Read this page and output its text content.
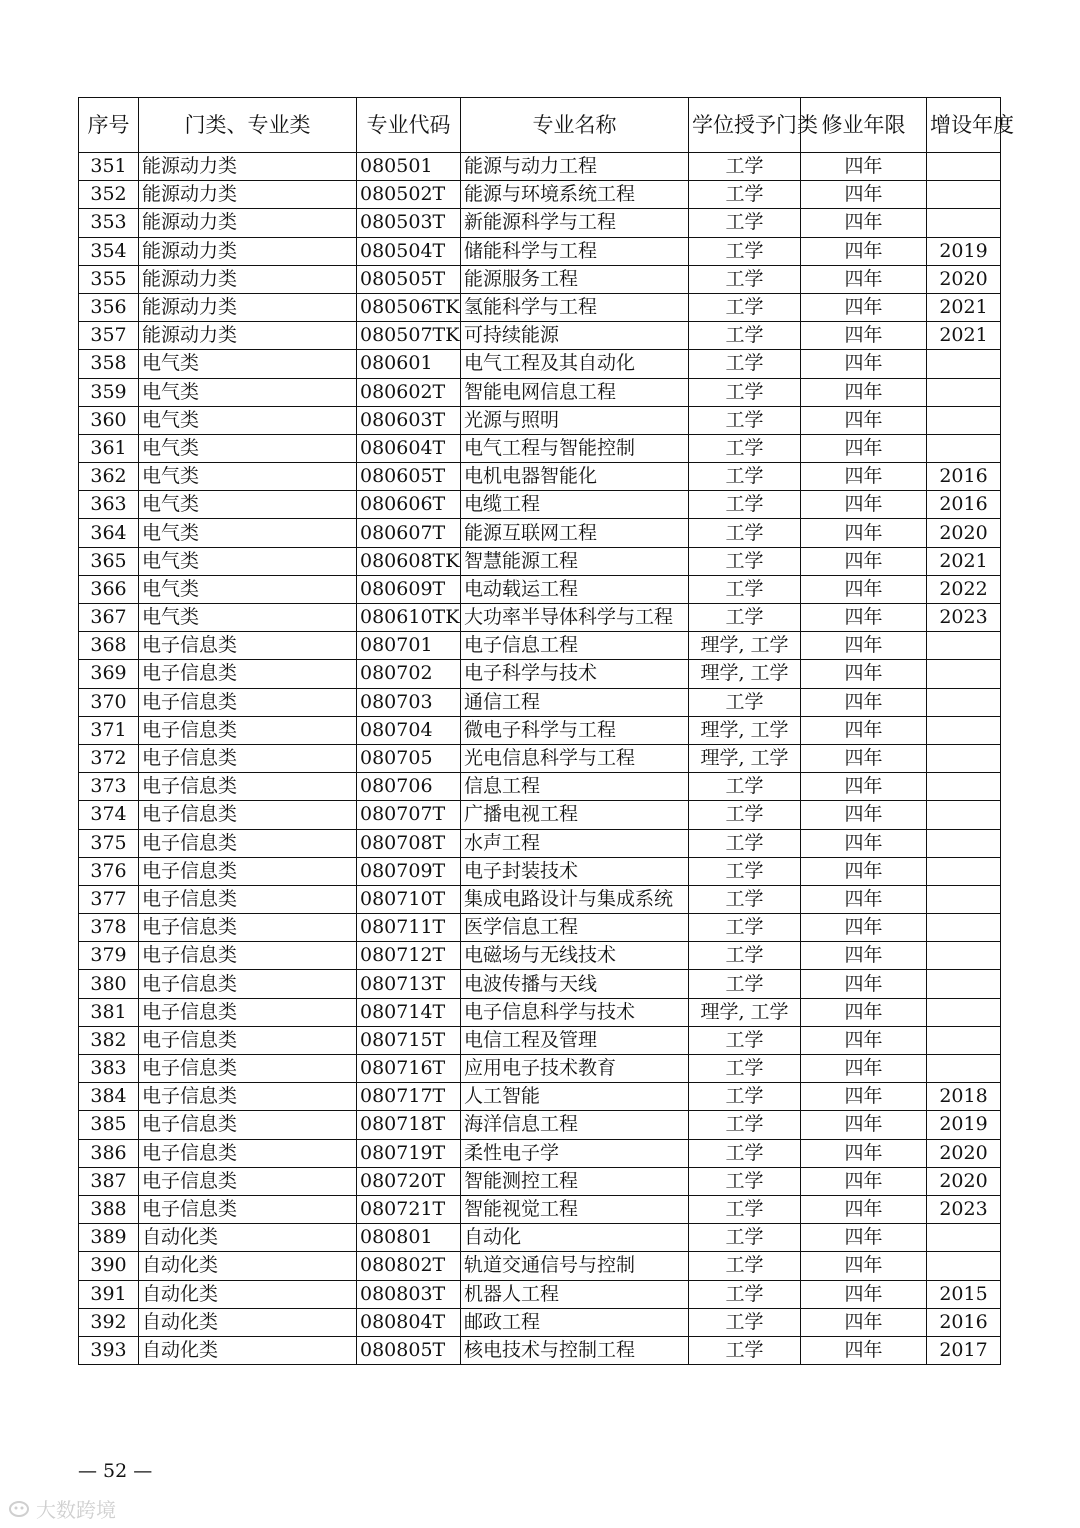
序号	门类、专业类	专业代码	专业名称	学位授予门类	修业年限	增设年度
351	能源动力类	080501	能源与动力工程	工学	四年	
352	能源动力类	080502T	能源与环境系统工程	工学	四年	
353	能源动力类	080503T	新能源科学与工程	工学	四年	
354	能源动力类	080504T	储能科学与工程	工学	四年	2019
355	能源动力类	080505T	能源服务工程	工学	四年	2020
356	能源动力类	080506TK	氢能科学与工程	工学	四年	2021
357	能源动力类	080507TK	可持续能源	工学	四年	2021
358	电气类	080601	电气工程及其自动化	工学	四年	
359	电气类	080602T	智能电网信息工程	工学	四年	
360	电气类	080603T	光源与照明	工学	四年	
361	电气类	080604T	电气工程与智能控制	工学	四年	
362	电气类	080605T	电机电器智能化	工学	四年	2016
363	电气类	080606T	电缆工程	工学	四年	2016
364	电气类	080607T	能源互联网工程	工学	四年	2020
365	电气类	080608TK	智慧能源工程	工学	四年	2021
366	电气类	080609T	电动载运工程	工学	四年	2022
367	电气类	080610TK	大功率半导体科学与工程	工学	四年	2023
368	电子信息类	080701	电子信息工程	理学, 工学	四年	
369	电子信息类	080702	电子科学与技术	理学, 工学	四年	
370	电子信息类	080703	通信工程	工学	四年	
371	电子信息类	080704	微电子科学与工程	理学, 工学	四年	
372	电子信息类	080705	光电信息科学与工程	理学, 工学	四年	
373	电子信息类	080706	信息工程	工学	四年	
374	电子信息类	080707T	广播电视工程	工学	四年	
375	电子信息类	080708T	水声工程	工学	四年	
376	电子信息类	080709T	电子封装技术	工学	四年	
377	电子信息类	080710T	集成电路设计与集成系统	工学	四年	
378	电子信息类	080711T	医学信息工程	工学	四年	
379	电子信息类	080712T	电磁场与无线技术	工学	四年	
380	电子信息类	080713T	电波传播与天线	工学	四年	
381	电子信息类	080714T	电子信息科学与技术	理学, 工学	四年	
382	电子信息类	080715T	电信工程及管理	工学	四年	
383	电子信息类	080716T	应用电子技术教育	工学	四年	
384	电子信息类	080717T	人工智能	工学	四年	2018
385	电子信息类	080718T	海洋信息工程	工学	四年	2019
386	电子信息类	080719T	柔性电子学	工学	四年	2020
387	电子信息类	080720T	智能测控工程	工学	四年	2020
388	电子信息类	080721T	智能视觉工程	工学	四年	2023
389	自动化类	080801	自动化	工学	四年	
390	自动化类	080802T	轨道交通信号与控制	工学	四年	
391	自动化类	080803T	机器人工程	工学	四年	2015
392	自动化类	080804T	邮政工程	工学	四年	2016
393	自动化类	080805T	核电技术与控制工程	工学	四年	2017
— 52 —
大数跨境
